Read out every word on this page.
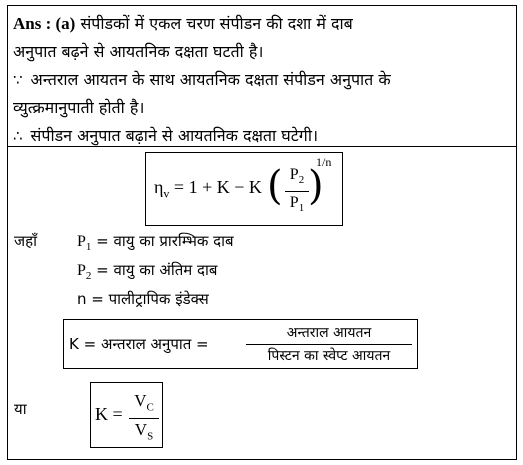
Ans : (a) संपीडकों में एकल चरण संपीडन की दशा में दाब
अनुपात बढ़ने से आयतनिक दक्षता घटती है।
∵ अन्तराल आयतन के साथ आयतनिक दक्षता संपीडन अनुपात के
व्युत्क्रमानुपाती होती है।
∴ संपीडन अनुपात बढ़ाने से आयतनिक दक्षता घटेगी।
$\eta_v = 1 + K - K$ ( $P_2$
$P_1$ )
1/n
जहाँ	$P_1$ = वायु का प्रारम्भिक दाब
$P_2$ = वायु का अंतिम दाब
n = पालीट्रापिक इंडेक्स
K = अन्तराल अनुपात =
अन्तराल आयतन
पिस्टन का स्वेप्ट आयतन
या	K =
$V_C$
$V_S$
